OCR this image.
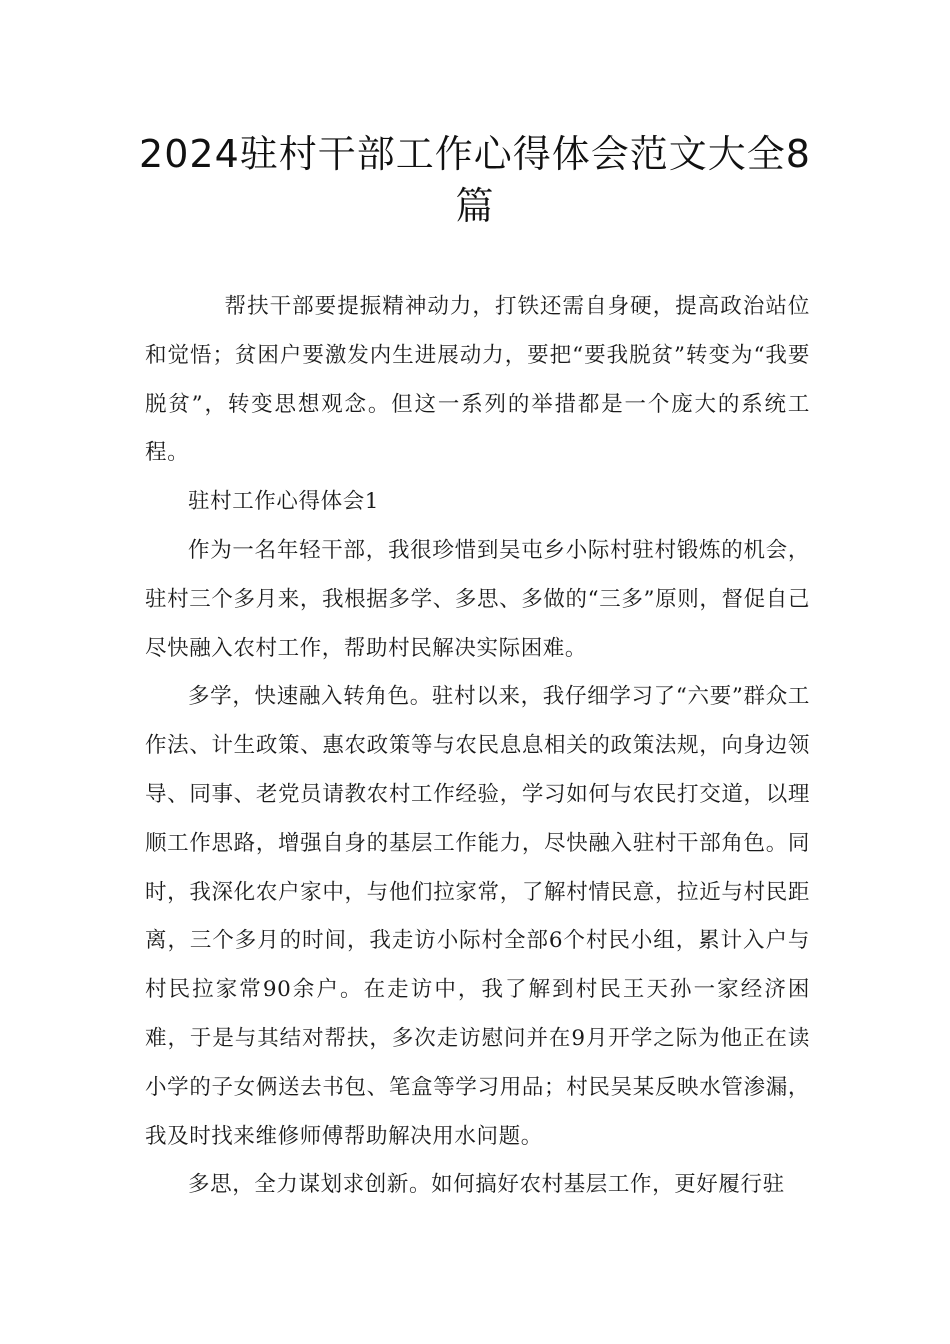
2024驻村干部工作心得体会范文大全8篇

帮扶干部要提振精神动力，打铁还需自身硬，提高政治站位和觉悟；贫困户要激发内生进展动力，要把“要我脱贫”转变为“我要脱贫”，转变思想观念。但这一系列的举措都是一个庞大的系统工程。

驻村工作心得体会1

作为一名年轻干部，我很珍惜到吴屯乡小际村驻村锻炼的机会，驻村三个多月来，我根据多学、多思、多做的“三多”原则，督促自己尽快融入农村工作，帮助村民解决实际困难。

多学，快速融入转角色。驻村以来，我仔细学习了“六要”群众工作法、计生政策、惠农政策等与农民息息相关的政策法规，向身边领导、同事、老党员请教农村工作经验，学习如何与农民打交道，以理顺工作思路，增强自身的基层工作能力，尽快融入驻村干部角色。同时，我深化农户家中，与他们拉家常，了解村情民意，拉近与村民距离，三个多月的时间，我走访小际村全部6个村民小组，累计入户与村民拉家常90余户。在走访中，我了解到村民王天孙一家经济困难，于是与其结对帮扶，多次走访慰问并在9月开学之际为他正在读小学的子女俩送去书包、笔盒等学习用品；村民吴某反映水管渗漏，我及时找来维修师傅帮助解决用水问题。

多思，全力谋划求创新。如何搞好农村基层工作，更好履行驻
